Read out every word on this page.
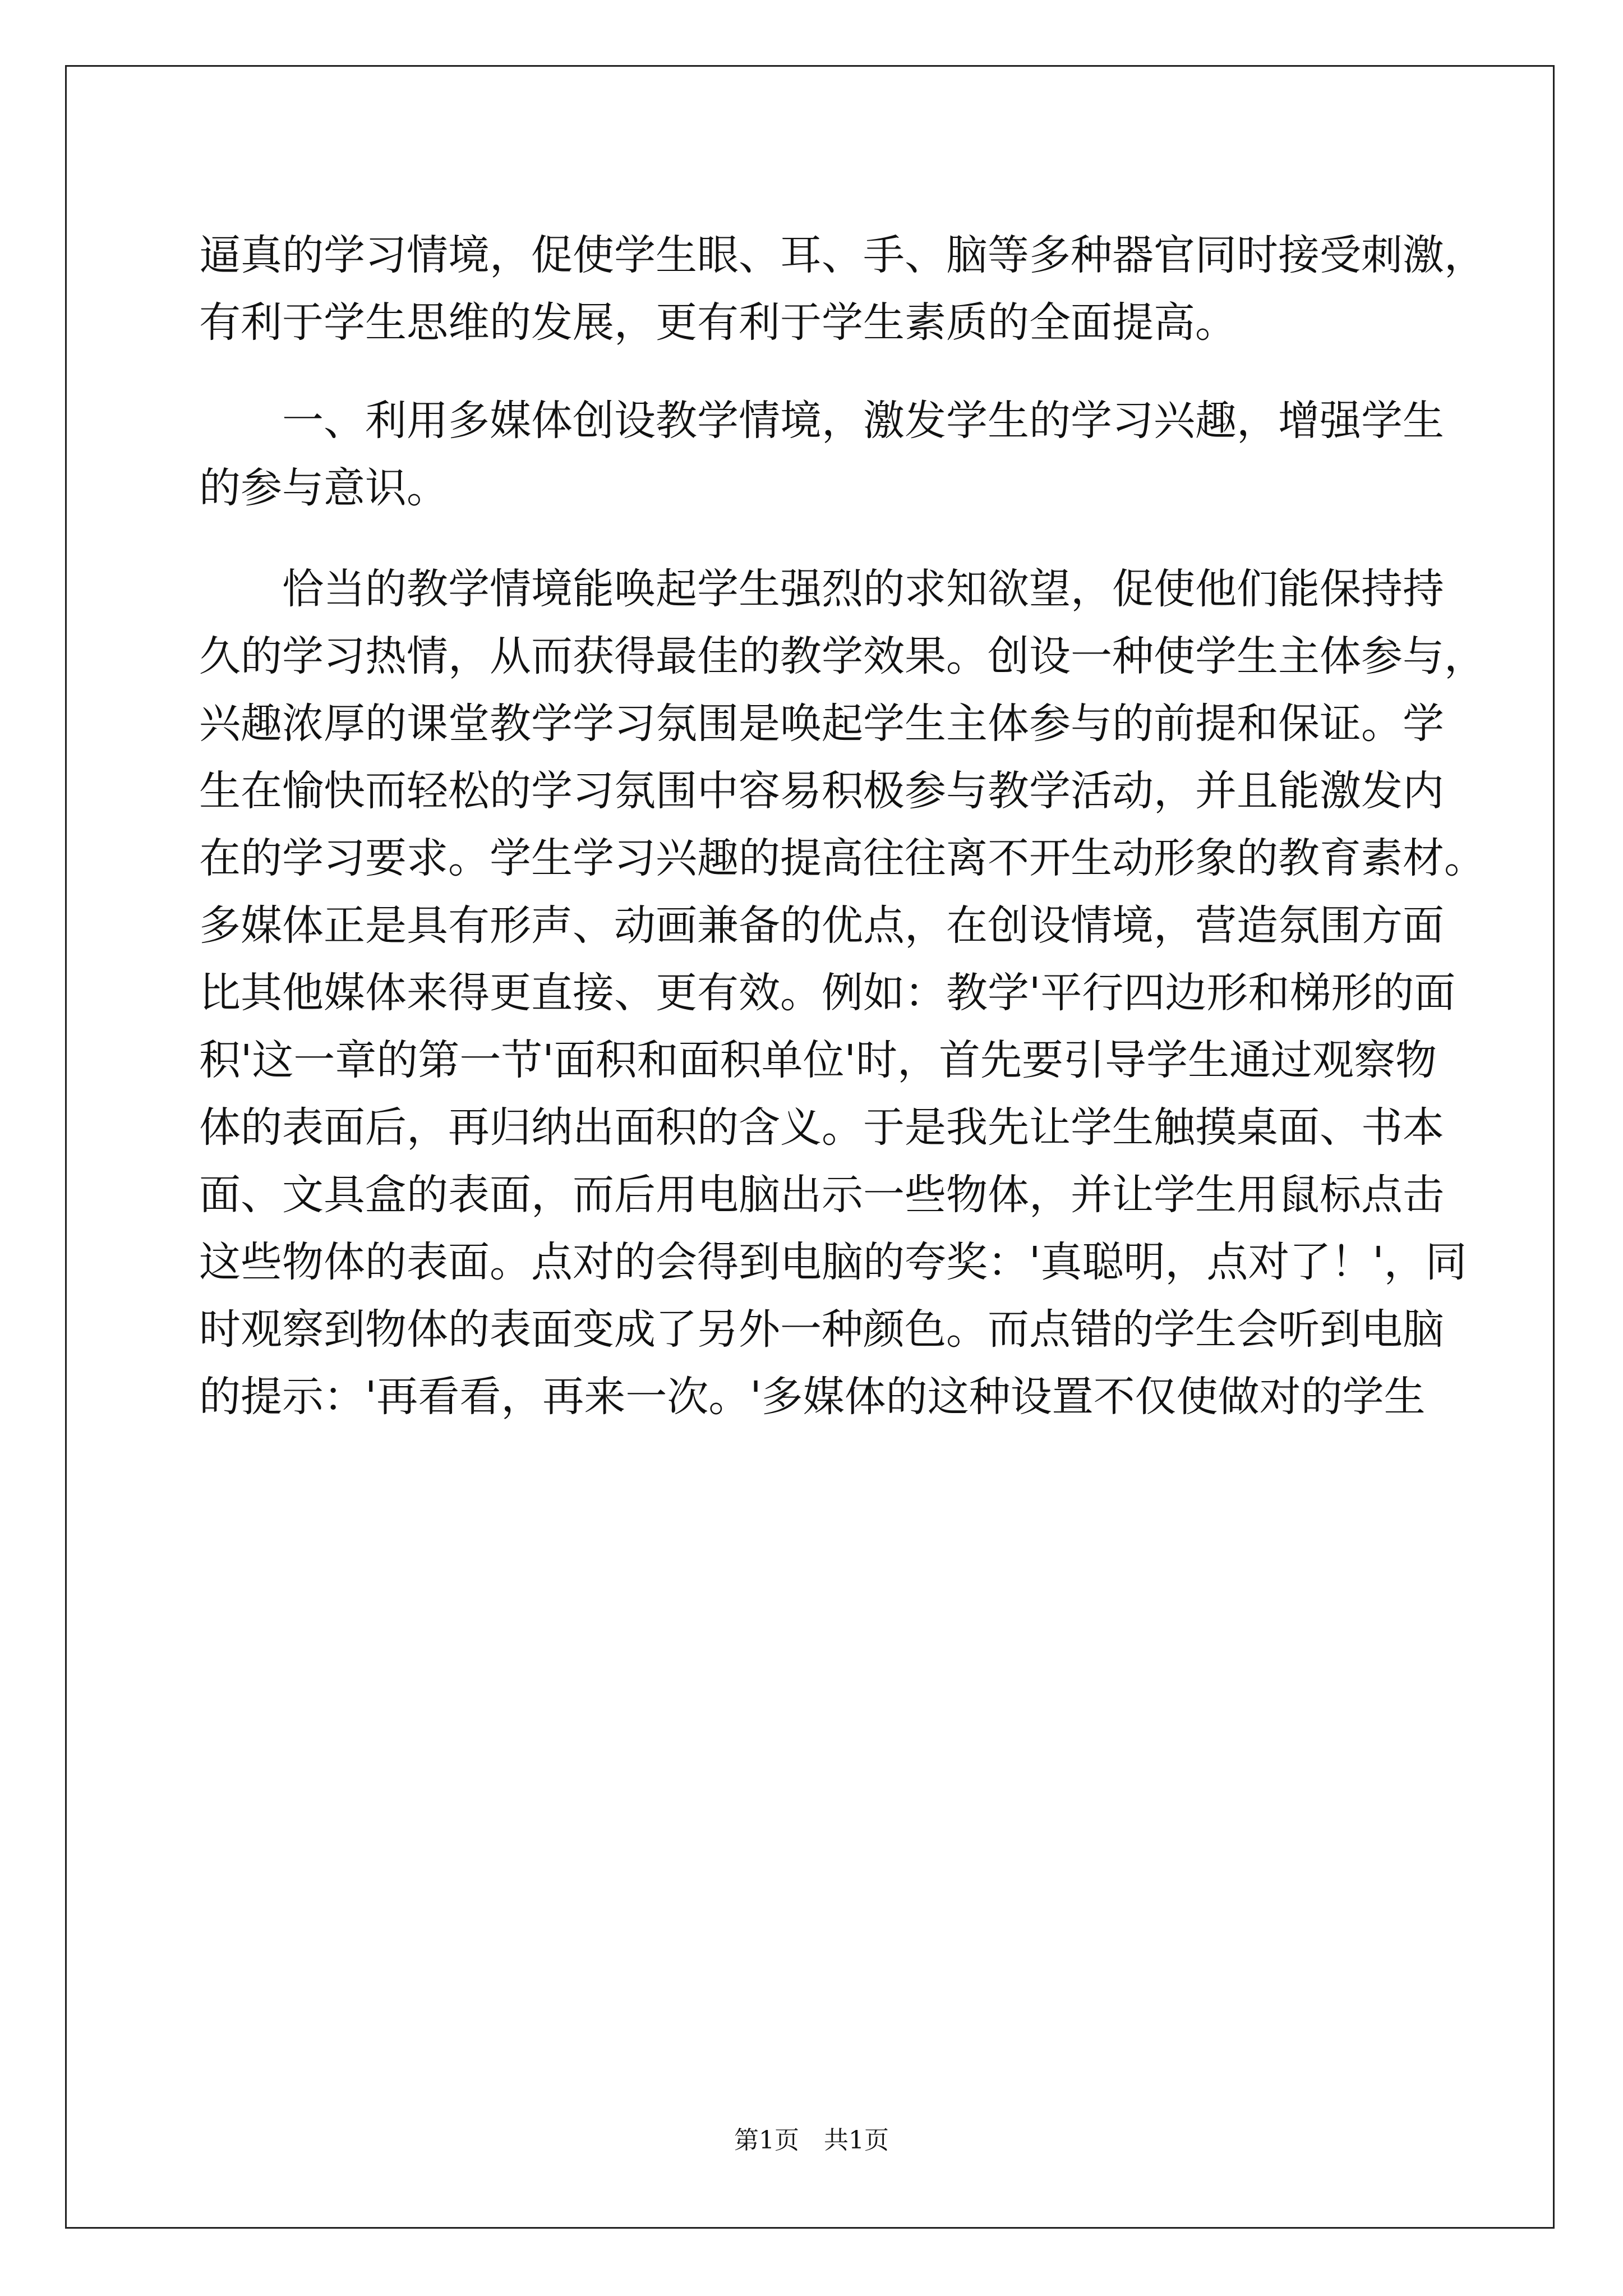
逼真的学习情境，促使学生眼、耳、手、脑等多种器官同时接受刺激，
有利于学生思维的发展，更有利于学生素质的全面提高。
一、利用多媒体创设教学情境，激发学生的学习兴趣，增强学生
的参与意识。
恰当的教学情境能唤起学生强烈的求知欲望，促使他们能保持持
久的学习热情，从而获得最佳的教学效果。创设一种使学生主体参与，
兴趣浓厚的课堂教学学习氛围是唤起学生主体参与的前提和保证。学
生在愉快而轻松的学习氛围中容易积极参与教学活动，并且能激发内
在的学习要求。学生学习兴趣的提高往往离不开生动形象的教育素材。
多媒体正是具有形声、动画兼备的优点，在创设情境，营造氛围方面
比其他媒体来得更直接、更有效。例如：教学'平行四边形和梯形的面
积'这一章的第一节'面积和面积单位'时，首先要引导学生通过观察物
体的表面后，再归纳出面积的含义。于是我先让学生触摸桌面、书本
面、文具盒的表面，而后用电脑出示一些物体，并让学生用鼠标点击
这些物体的表面。点对的会得到电脑的夸奖：'真聪明，点对了！'，同
时观察到物体的表面变成了另外一种颜色。而点错的学生会听到电脑
的提示：'再看看，再来一次。'多媒体的这种设置不仅使做对的学生
第1页　共1页
